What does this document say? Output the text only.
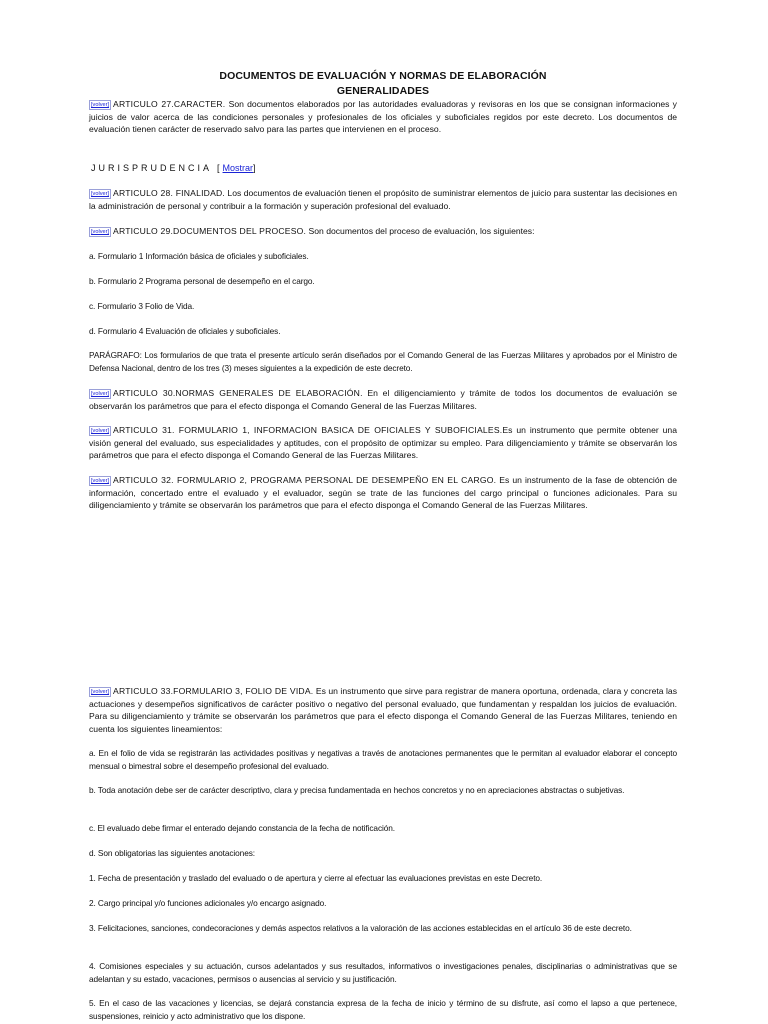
DOCUMENTOS DE EVALUACIÓN Y NORMAS DE ELABORACIÓN
GENERALIDADES

[volver] ARTICULO 27.CARACTER. Son documentos elaborados por las autoridades evaluadoras y revisoras en los que se consignan informaciones y juicios de valor acerca de las condiciones personales y profesionales de los oficiales y suboficiales regidos por este decreto. Los documentos de evaluación tienen carácter de reservado salvo para las partes que intervienen en el proceso.

JURISPRUDENCIA [Mostrar]

[volver] ARTICULO 28. FINALIDAD. Los documentos de evaluación tienen el propósito de suministrar elementos de juicio para sustentar las decisiones en la administración de personal y contribuir a la formación y superación profesional del evaluado.

[volver] ARTICULO 29.DOCUMENTOS DEL PROCESO. Son documentos del proceso de evaluación, los siguientes:

a. Formulario 1 Información básica de oficiales y suboficiales.

b. Formulario 2 Programa personal de desempeño en el cargo.

c. Formulario 3 Folio de Vida.

d. Formulario 4 Evaluación de oficiales y suboficiales.

PARÁGRAFO: Los formularios de que trata el presente artículo serán diseñados por el Comando General de las Fuerzas Militares y aprobados por el Ministro de Defensa Nacional, dentro de los tres (3) meses siguientes a la expedición de este decreto.

[volver] ARTICULO 30.NORMAS GENERALES DE ELABORACIÓN. En el diligenciamiento y trámite de todos los documentos de evaluación se observarán los parámetros que para el efecto disponga el Comando General de las Fuerzas Militares.

[volver] ARTICULO 31. FORMULARIO 1, INFORMACION BASICA DE OFICIALES Y SUBOFICIALES.Es un instrumento que permite obtener una visión general del evaluado, sus especialidades y aptitudes, con el propósito de optimizar su empleo. Para diligenciamiento y trámite se observarán los parámetros que para el efecto disponga el Comando General de las Fuerzas Militares.

[volver] ARTICULO 32. FORMULARIO 2, PROGRAMA PERSONAL DE DESEMPEÑO EN EL CARGO. Es un instrumento de la fase de obtención de información, concertado entre el evaluado y el evaluador, según se trate de las funciones del cargo principal o funciones adicionales. Para su diligenciamiento y trámite se observarán los parámetros que para el efecto disponga el Comando General de las Fuerzas Militares.

[volver] ARTICULO 33.FORMULARIO 3, FOLIO DE VIDA. Es un instrumento que sirve para registrar de manera oportuna, ordenada, clara y concreta las actuaciones y desempeños significativos de carácter positivo o negativo del personal evaluado, que fundamentan y respaldan los juicios de evaluación. Para su diligenciamiento y trámite se observarán los parámetros que para el efecto disponga el Comando General de las Fuerzas Militares, teniendo en cuenta los siguientes lineamientos:

a. En el folio de vida se registrarán las actividades positivas y negativas a través de anotaciones permanentes que le permitan al evaluador elaborar el concepto mensual o bimestral sobre el desempeño profesional del evaluado.

b. Toda anotación debe ser de carácter descriptivo, clara y precisa fundamentada en hechos concretos y no en apreciaciones abstractas o subjetivas.

c. El evaluado debe firmar el enterado dejando constancia de la fecha de notificación.

d. Son obligatorias las siguientes anotaciones:

1. Fecha de presentación y traslado del evaluado o de apertura y cierre al efectuar las evaluaciones previstas en este Decreto.

2. Cargo principal y/o funciones adicionales y/o encargo asignado.

3. Felicitaciones, sanciones, condecoraciones y demás aspectos relativos a la valoración de las acciones establecidas en el artículo 36 de este decreto.

4. Comisiones especiales y su actuación, cursos adelantados y sus resultados, informativos o investigaciones penales, disciplinarias o administrativas que se adelantan y su estado, vacaciones, permisos o ausencias al servicio y su justificación.

5. En el caso de las vacaciones y licencias, se dejará constancia expresa de la fecha de inicio y término de su disfrute, así como el lapso a que pertenece, suspensiones, reinicio y acto administrativo que los dispone.
